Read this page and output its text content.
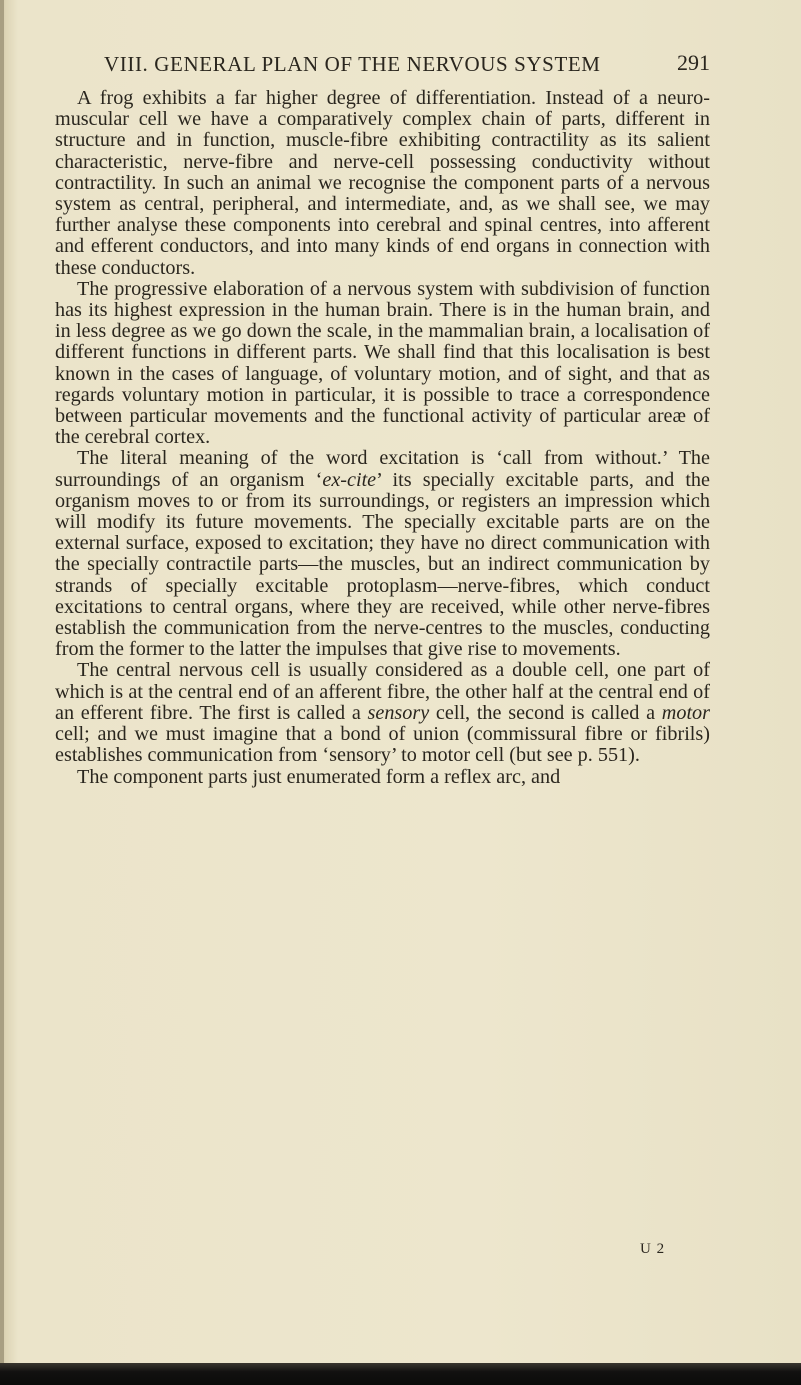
VIII. GENERAL PLAN OF THE NERVOUS SYSTEM	291

A frog exhibits a far higher degree of differentiation. Instead of a neuro-muscular cell we have a comparatively complex chain of parts, different in structure and in function, muscle-fibre exhibiting contractility as its salient characteristic, nerve-fibre and nerve-cell possessing conductivity without contractility. In such an animal we recognise the component parts of a nervous system as central, peripheral, and intermediate, and, as we shall see, we may further analyse these components into cerebral and spinal centres, into afferent and efferent conductors, and into many kinds of end organs in connection with these conductors.

The progressive elaboration of a nervous system with subdivision of function has its highest expression in the human brain. There is in the human brain, and in less degree as we go down the scale, in the mammalian brain, a localisation of different functions in different parts. We shall find that this localisation is best known in the cases of language, of voluntary motion, and of sight, and that as regards voluntary motion in particular, it is possible to trace a correspondence between particular movements and the functional activity of particular areæ of the cerebral cortex.

The literal meaning of the word excitation is ‘call from without.’ The surroundings of an organism ‘ex-cite’ its specially excitable parts, and the organism moves to or from its surroundings, or registers an impression which will modify its future movements. The specially excitable parts are on the external surface, exposed to excitation; they have no direct communication with the specially contractile parts—the muscles, but an indirect communication by strands of specially excitable protoplasm—nerve-fibres, which conduct excitations to central organs, where they are received, while other nerve-fibres establish the communication from the nerve-centres to the muscles, conducting from the former to the latter the impulses that give rise to movements.

The central nervous cell is usually considered as a double cell, one part of which is at the central end of an afferent fibre, the other half at the central end of an efferent fibre. The first is called a sensory cell, the second is called a motor cell; and we must imagine that a bond of union (commissural fibre or fibrils) establishes communication from ‘sensory’ to motor cell (but see p. 551).

The component parts just enumerated form a reflex arc, and

U 2
